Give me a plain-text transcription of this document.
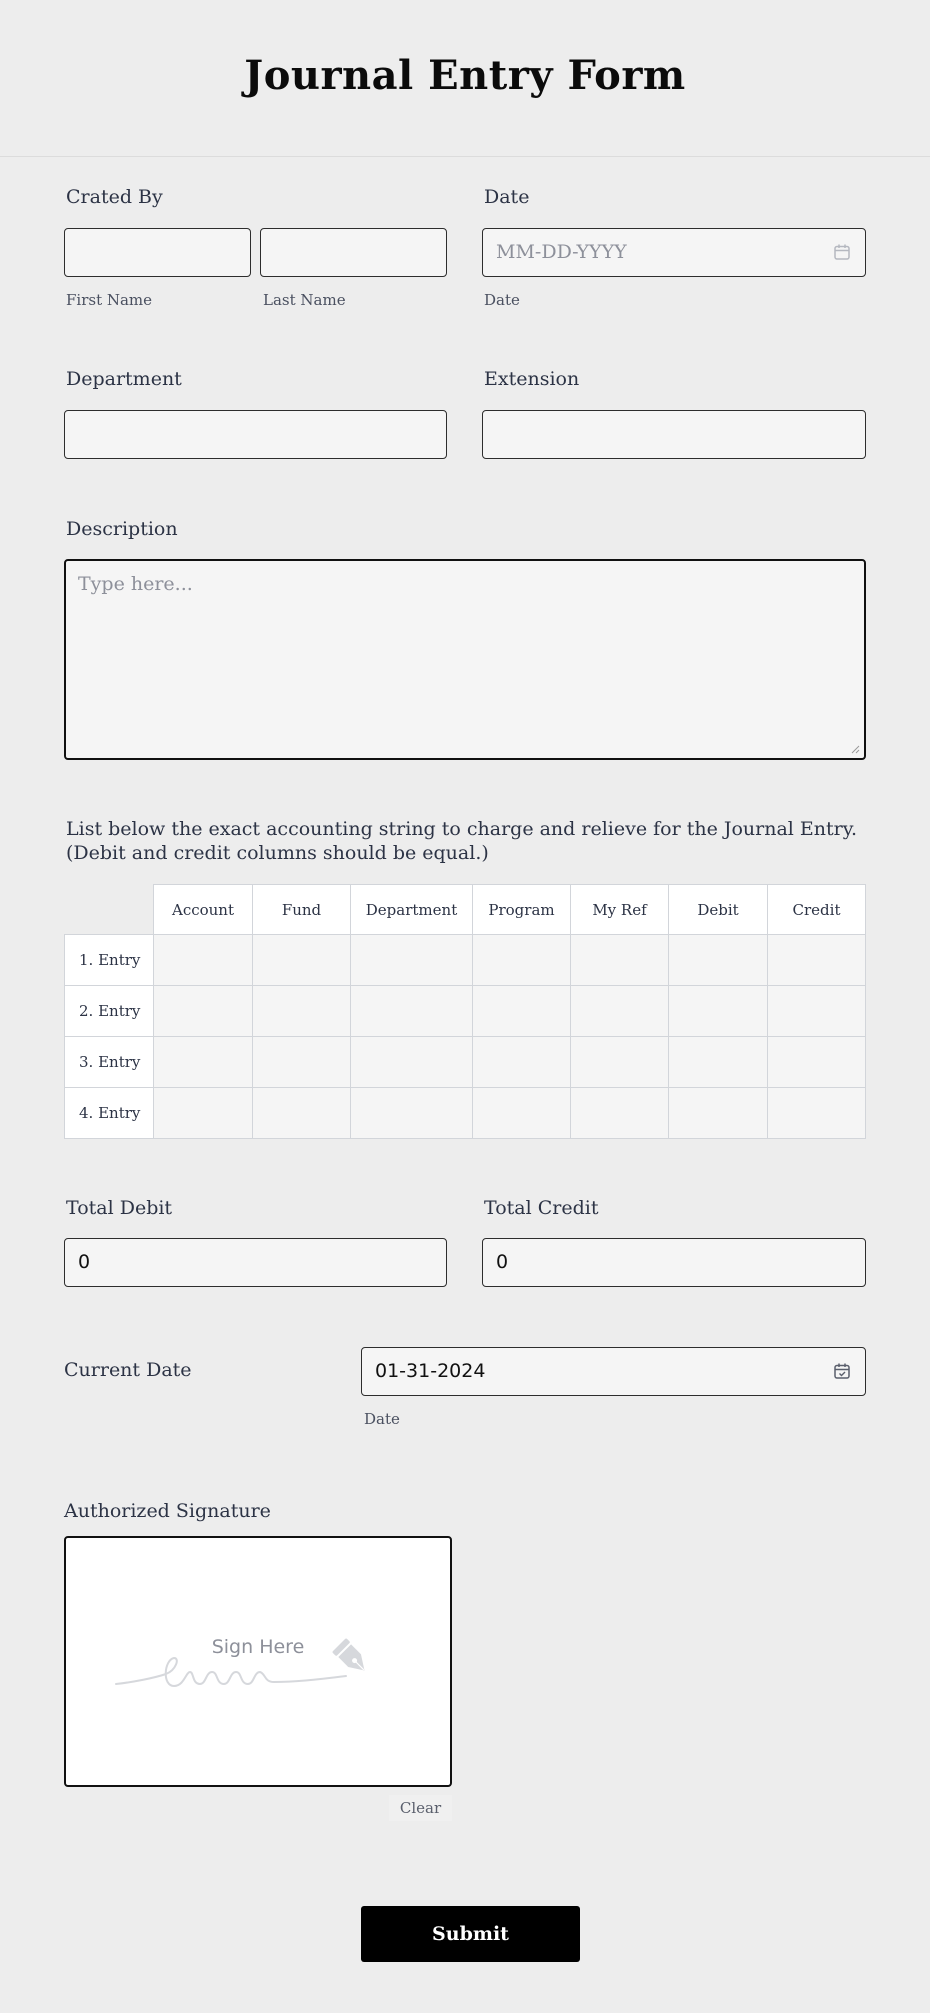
Journal Entry Form
Crated By
First Name	Last Name
Date
MM-DD-YYYY
Date
Department	Extension
Description
Type here...
List below the exact accounting string to charge and relieve for the Journal Entry.
(Debit and credit columns should be equal.)
	Account	Fund	Department	Program	My Ref	Debit	Credit
1. Entry							
2. Entry							
3. Entry							
4. Entry							
Total Debit
0
Total Credit
0
Current Date	01-31-2024
Date
Authorized Signature
Sign Here
Clear
Submit
